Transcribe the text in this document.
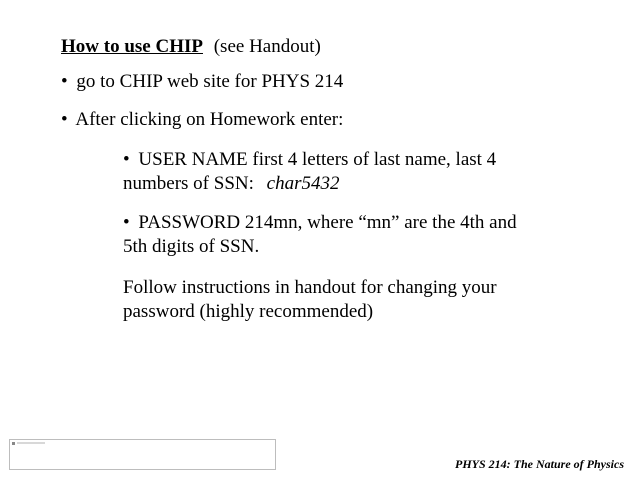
How to use CHIP (see Handout)
• go to CHIP web site for PHYS 214
• After clicking on Homework enter:
• USER NAME first 4 letters of last name, last 4
numbers of SSN: char5432
• PASSWORD 214mn, where “mn” are the 4th and
5th digits of SSN.
Follow instructions in handout for changing your
password (highly recommended)
PHYS 214: The Nature of Physics
